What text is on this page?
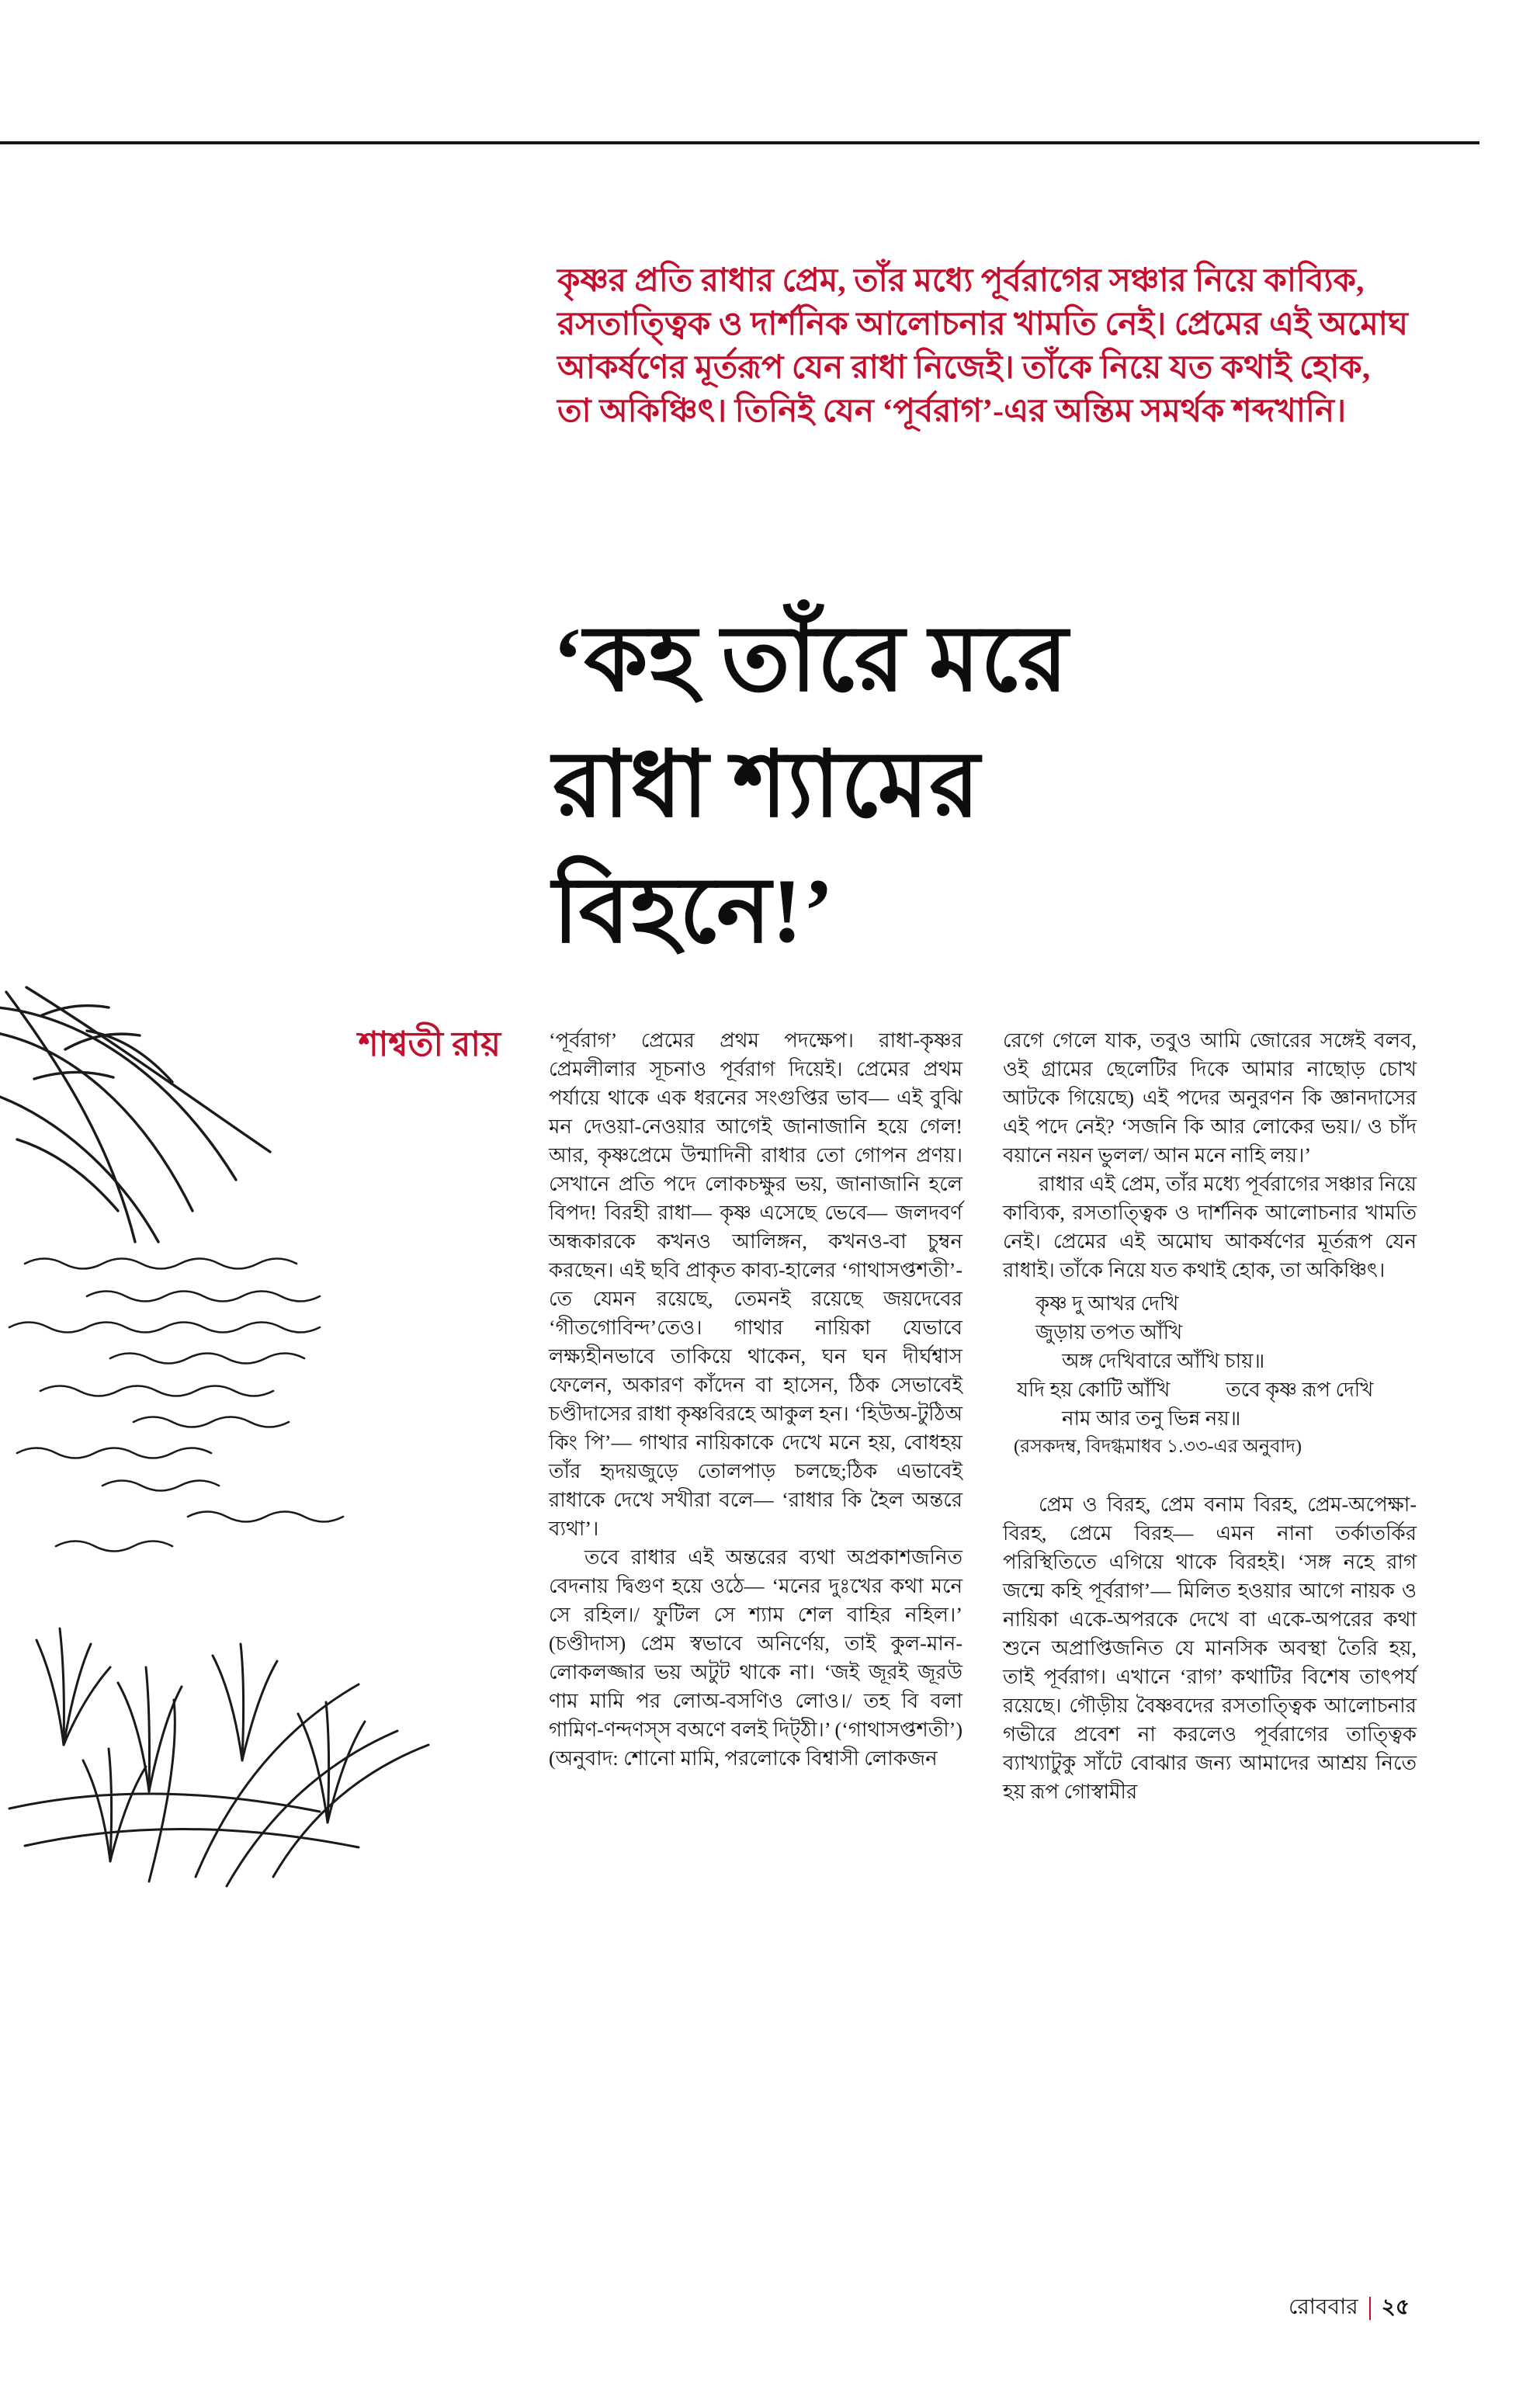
কৃষ্ণর প্রতি রাধার প্রেম, তাঁর মধ্যে পূর্বরাগের সঞ্চার নিয়ে কাব্যিক, রসতাত্ত্বিক ও দার্শনিক আলোচনার খামতি নেই। প্রেমের এই অমোঘ আকর্ষণের মূর্তরূপ যেন রাধা নিজেই। তাঁকে নিয়ে যত কথাই হোক, তা অকিঞ্চিৎ। তিনিই যেন ‘পূর্বরাগ’-এর অন্তিম সমর্থক শব্দখানি।

‘কহ তাঁরে মরে
রাধা শ্যামের
বিহনে!’
শাশ্বতী রায় ‘পূর্বরাগ’ প্রেমের প্রথম পদক্ষেপ। রাধা-কৃষ্ণর প্রেমলীলার সূচনাও পূর্বরাগ দিয়েই। প্রেমের প্রথম পর্যায়ে থাকে এক ধরনের সংগুপ্তির ভাব— এই বুঝি মন দেওয়া-নেওয়ার আগেই জানাজানি হয়ে গেল! আর, কৃষ্ণপ্রেমে উন্মাদিনী রাধার তো গোপন প্রণয়। সেখানে প্রতি পদে লোকচক্ষুর ভয়, জানাজানি হলে বিপদ! বিরহী রাধা— কৃষ্ণ এসেছে ভেবে— জলদবর্ণ অন্ধকারকে কখনও আলিঙ্গন, কখনও-বা চুম্বন করছেন। এই ছবি প্রাকৃত কাব্য-হালের ‘গাথাসপ্তশতী’-তে যেমন রয়েছে, তেমনই রয়েছে জয়দেবের ‘গীতগোবিন্দ’তেও। গাথার নায়িকা যেভাবে লক্ষ্যহীনভাবে তাকিয়ে থাকেন, ঘন ঘন দীর্ঘশ্বাস ফেলেন, অকারণ কাঁদেন বা হাসেন, ঠিক সেভাবেই চণ্ডীদাসের রাধা কৃষ্ণবিরহে আকুল হন। ‘হিউঅ-টুঠিঅ কিং পি’— গাথার নায়িকাকে দেখে মনে হয়, বোধহয় তাঁর হৃদয়জুড়ে তোলপাড় চলছে;ঠিক এভাবেই রাধাকে দেখে সখীরা বলে— ‘রাধার কি হৈল অন্তরে ব্যথা’।

তবে রাধার এই অন্তরের ব্যথা অপ্রকাশজনিত বেদনায় দ্বিগুণ হয়ে ওঠে— ‘মনের দুঃখের কথা মনে সে রহিল।/ ফুটিল সে শ্যাম শেল বাহির নহিল।’ (চণ্ডীদাস) প্রেম স্বভাবে অনির্ণেয়, তাই কুল-মান-লোকলজ্জার ভয় অটুট থাকে না। ‘জই জূরই জূরউ ণাম মামি পর লোঅ-বসণিও লোও।/ তহ বি বলা গামিণ-ণন্দণস্স বঅণে বলই দিট্ঠী।’ (‘গাথাসপ্তশতী’) (অনুবাদ: শোনো মামি, পরলোকে বিশ্বাসী লোকজন

রেগে গেলে যাক, তবুও আমি জোরের সঙ্গেই বলব, ওই গ্রামের ছেলেটির দিকে আমার নাছোড় চোখ আটকে গিয়েছে) এই পদের অনুরণন কি জ্ঞানদাসের এই পদে নেই? ‘সজনি কি আর লোকের ভয়।/ ও চাঁদ বয়ানে নয়ন ভুলল/ আন মনে নাহি লয়।’

রাধার এই প্রেম, তাঁর মধ্যে পূর্বরাগের সঞ্চার নিয়ে কাব্যিক, রসতাত্ত্বিক ও দার্শনিক আলোচনার খামতি নেই। প্রেমের এই অমোঘ আকর্ষণের মূর্তরূপ যেন রাধাই। তাঁকে নিয়ে যত কথাই হোক, তা অকিঞ্চিৎ।

কৃষ্ণ দু আখর দেখি
জুড়ায় তপত আঁখি
অঙ্গ দেখিবারে আঁখি চায়॥
যদি হয় কোটি আঁখি	তবে কৃষ্ণ রূপ দেখি
নাম আর তনু ভিন্ন নয়॥
(রসকদম্ব, বিদগ্ধমাধব ১.৩৩-এর অনুবাদ)

প্রেম ও বিরহ, প্রেম বনাম বিরহ, প্রেম-অপেক্ষা-বিরহ, প্রেমে বিরহ— এমন নানা তর্কাতর্কির পরিস্থিতিতে এগিয়ে থাকে বিরহই। ‘সঙ্গ নহে রাগ জন্মে কহি পূর্বরাগ’— মিলিত হওয়ার আগে নায়ক ও নায়িকা একে-অপরকে দেখে বা একে-অপরের কথা শুনে অপ্রাপ্তিজনিত যে মানসিক অবস্থা তৈরি হয়, তাই পূর্বরাগ। এখানে ‘রাগ’ কথাটির বিশেষ তাৎপর্য রয়েছে। গৌড়ীয় বৈষ্ণবদের রসতাত্ত্বিক আলোচনার গভীরে প্রবেশ না করলেও পূর্বরাগের তাত্ত্বিক ব্যাখ্যাটুকু সাঁটে বোঝার জন্য আমাদের আশ্রয় নিতে হয় রূপ গোস্বামীর

রোববার ২৫
